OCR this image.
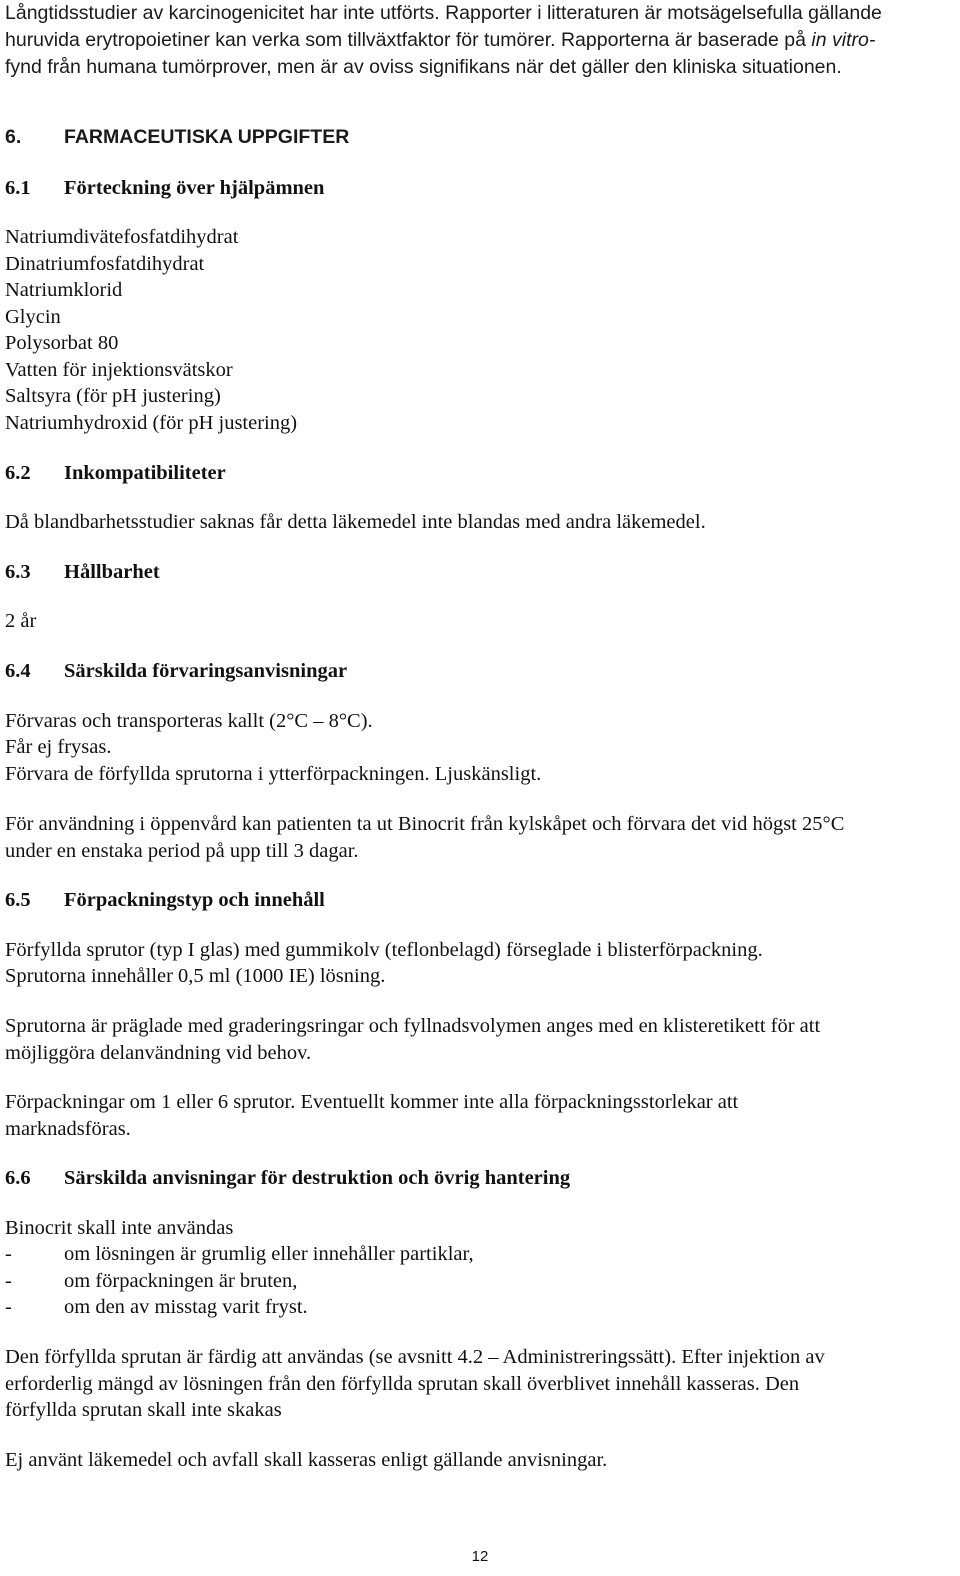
Långtidsstudier av karcinogenicitet har inte utförts. Rapporter i litteraturen är motsägelsefulla gällande
huruvida erytropoietiner kan verka som tillväxtfaktor för tumörer. Rapporterna är baserade på in vitro-
fynd från humana tumörprover, men är av oviss signifikans när det gäller den kliniska situationen.
6. FARMACEUTISKA UPPGIFTER
6.1 Förteckning över hjälpämnen
Natriumdivätefosfatdihydrat
Dinatriumfosfatdihydrat
Natriumklorid
Glycin
Polysorbat 80
Vatten för injektionsvätskor
Saltsyra (för pH justering)
Natriumhydroxid (för pH justering)
6.2 Inkompatibiliteter
Då blandbarhetsstudier saknas får detta läkemedel inte blandas med andra läkemedel.
6.3 Hållbarhet
2 år
6.4 Särskilda förvaringsanvisningar
Förvaras och transporteras kallt (2°C – 8°C).
Får ej frysas.
Förvara de förfyllda sprutorna i ytterförpackningen. Ljuskänsligt.
För användning i öppenvård kan patienten ta ut Binocrit från kylskåpet och förvara det vid högst 25°C
under en enstaka period på upp till 3 dagar.
6.5 Förpackningstyp och innehåll
Förfyllda sprutor (typ I glas) med gummikolv (teflonbelagd) förseglade i blisterförpackning.
Sprutorna innehåller 0,5 ml (1000 IE) lösning.
Sprutorna är präglade med graderingsringar och fyllnadsvolymen anges med en klisteretikett för att
möjliggöra delanvändning vid behov.
Förpackningar om 1 eller 6 sprutor. Eventuellt kommer inte alla förpackningsstorlekar att
marknadsföras.
6.6 Särskilda anvisningar för destruktion och övrig hantering
Binocrit skall inte användas
-	om lösningen är grumlig eller innehåller partiklar,
-	om förpackningen är bruten,
-	om den av misstag varit fryst.
Den förfyllda sprutan är färdig att användas (se avsnitt 4.2 – Administreringssätt). Efter injektion av
erforderlig mängd av lösningen från den förfyllda sprutan skall överblivet innehåll kasseras. Den
förfyllda sprutan skall inte skakas
Ej använt läkemedel och avfall skall kasseras enligt gällande anvisningar.
12
